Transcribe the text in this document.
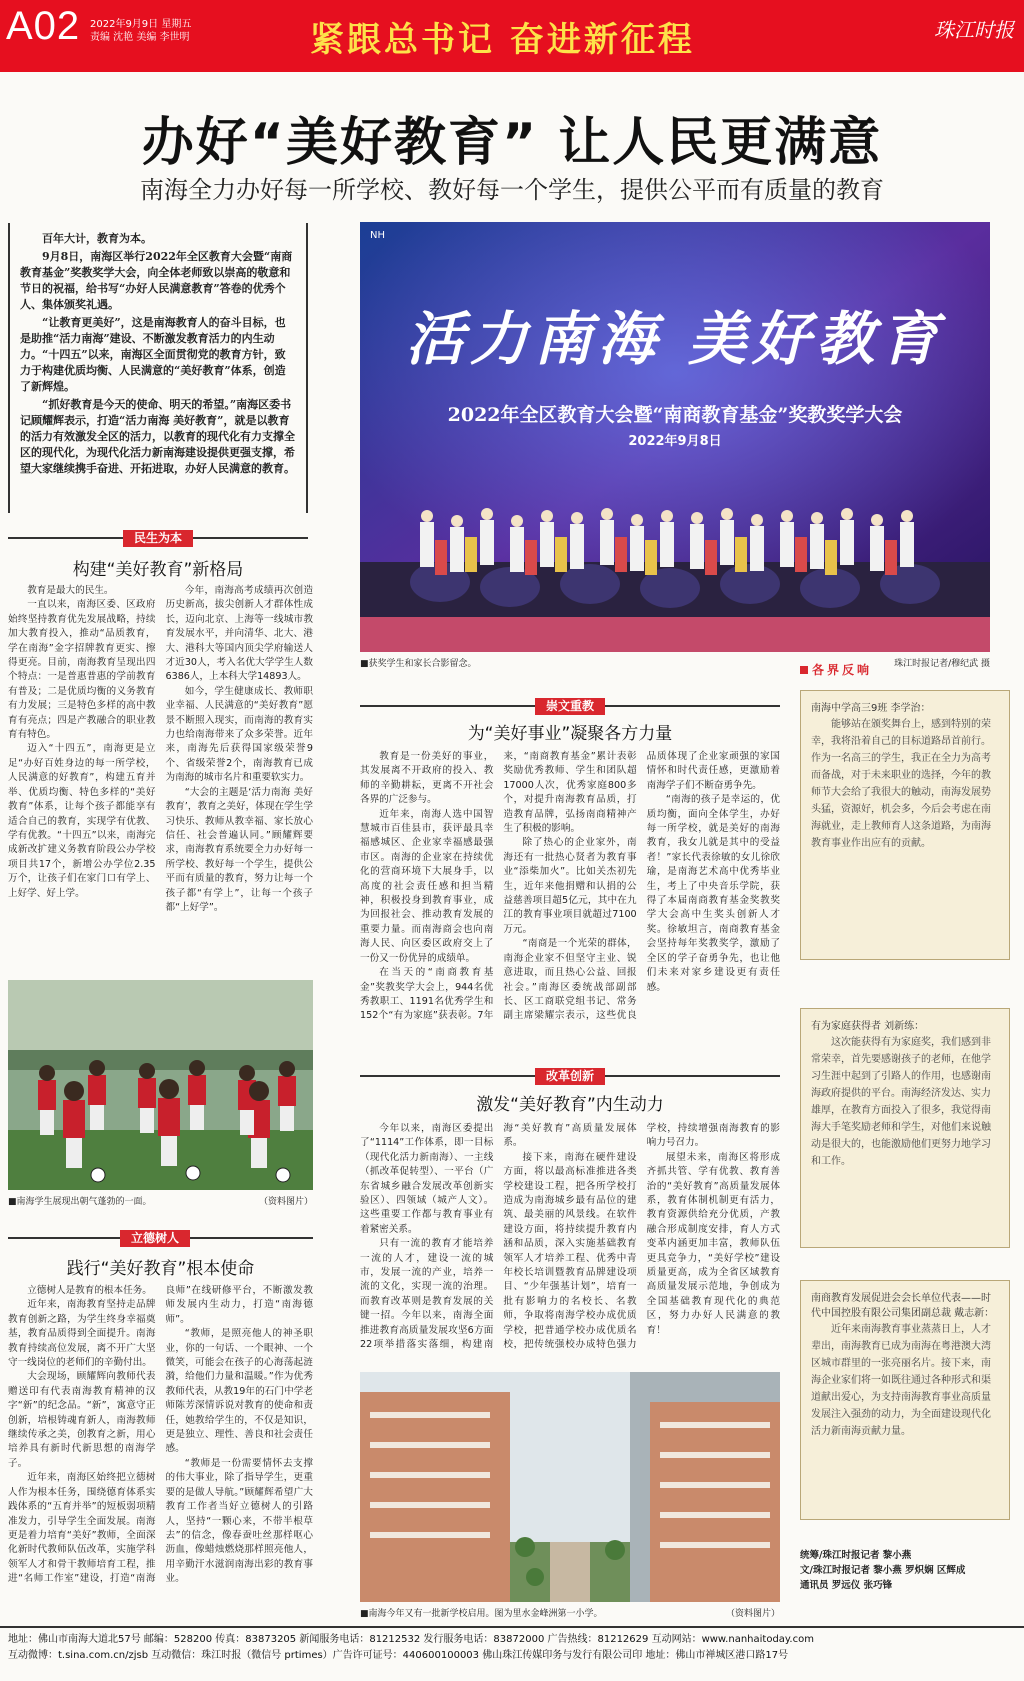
A02 2022年9月9日 星期五
责编 沈艳 美编 李世明	紧跟总书记 奋进新征程	珠江时报
办好“美好教育” 让人民更满意
南海全力办好每一所学校、教好每一个学生，提供公平而有质量的教育

百年大计，教育为本。

9月8日，南海区举行2022年全区教育大会暨“南商教育基金”奖教奖学大会，向全体老师致以崇高的敬意和节日的祝福，给书写“办好人民满意教育”答卷的优秀个人、集体颁奖礼遇。

“让教育更美好”，这是南海教育人的奋斗目标，也是助推“活力南海”建设、不断激发教育活力的内生动力。“十四五”以来，南海区全面贯彻党的教育方针，致力于构建优质均衡、人民满意的“美好教育”体系，创造了新辉煌。

“抓好教育是今天的使命、明天的希望。”南海区委书记顾耀辉表示，打造“活力南海 美好教育”，就是以教育的活力有效激发全区的活力，以教育的现代化有力支撑全区的现代化，为现代化活力新南海建设提供更强支撑，希望大家继续携手奋进、开拓进取，办好人民满意的教育。

活力南海 美好教育
2022年全区教育大会暨“南商教育基金”奖教奖学大会
2022年9月8日
NH
■获奖学生和家长合影留念。	珠江时报记者/穆纪武 摄
民生为本
构建“美好教育”新格局

教育是最大的民生。

一直以来，南海区委、区政府始终坚持教育优先发展战略，持续加大教育投入，推动“品质教育，学在南海”金字招牌教育更实、擦得更亮。目前，南海教育呈现出四个特点：一是普惠普惠的学前教育有普及；二是优质均衡的义务教育有力发展；三是特色多样的高中教育有亮点；四是产教融合的职业教育有特色。

迈入“十四五”，南海更是立足“办好百姓身边的每一所学校，人民满意的好教育”，构建五育并举、优质均衡、特色多样的“美好教育”体系，让每个孩子都能享有适合自己的教育，实现学有优教、学有优教。“十四五”以来，南海完成新改扩建义务教育阶段公办学校项目共17个，新增公办学位2.35万个，让孩子们在家门口有学上、上好学、好上学。

今年，南海高考成绩再次创造历史新高，拔尖创新人才群体性成长，迈向北京、上海等一线城市教育发展水平，并向清华、北大、港大、港科大等国内顶尖学府输送人才近30人，考入名优大学学生人数6386人，上本科大学14893人。

如今，学生健康成长、教师职业幸福、人民满意的“美好教育”愿景不断照入现实，而南海的教育实力也给南海带来了众多荣誉。近年来，南海先后获得国家级荣誉9个、省级荣誉2个，南海教育已成为南海的城市名片和重要软实力。

“大会的主题是‘活力南海 美好教育’，教育之美好，体现在学生学习快乐、教师从教幸福、家长放心信任、社会普遍认同。”顾耀辉要求，南海教育系统要全力办好每一所学校、教好每一个学生，提供公平而有质量的教育，努力让每一个孩子都“有学上”，让每一个孩子都“上好学”。

■南海学生展现出朝气蓬勃的一面。	（资料图片）
立德树人
践行“美好教育”根本使命

立德树人是教育的根本任务。

近年来，南海教育坚持走品牌教育创新之路，为学生终身幸福奠基，教育品质得到全面提升。南海教育持续高位发展，离不开广大坚守一线岗位的老师们的辛勤付出。

大会现场，顾耀辉向教师代表赠送印有代表南海教育精神的汉字“新”的纪念品。“新”，寓意守正创新，培根铸魂育新人，南海教师继续传承之美，创教育之新，用心培养具有新时代新思想的南海学子。

近年来，南海区始终把立德树人作为根本任务，围绕德育体系实践体系的“五育并举”的短板弱项精准发力，引导学生全面发展。南海更是着力培育“美好”教师，全面深化新时代教师队伍改革，实施学科领军人才和骨干教师培育工程，推进“名师工作室”建设，打造“南海良师”在线研修平台，不断激发教师发展内生动力，打造“南海德师”。

“教师，是照亮他人的神圣职业，你的一句话、一个眼神、一个微笑，可能会在孩子的心海荡起涟漪，给他们力量和温暖。”作为优秀教师代表，从教19年的石门中学老师陈芳深情诉说对教育的使命和责任，她教给学生的，不仅是知识，更是独立、理性、善良和社会责任感。

“教师是一份需要情怀去支撑的伟大事业，除了指导学生，更重要的是做人导航。”顾耀辉希望广大教育工作者当好立德树人的引路人，坚持“一颗心来，不带半根草去”的信念，像春蚕吐丝那样呕心沥血，像蜡烛燃烧那样照亮他人，用辛勤汗水滋润南海出彩的教育事业。

崇文重教
为“美好事业”凝聚各方力量

教育是一份美好的事业，其发展离不开政府的投入、教师的辛勤耕耘，更离不开社会各界的广泛参与。

近年来，南海人选中国智慧城市百佳县市，获评最具幸福感城区、企业家幸福感最强市区。南海的企业家在持续优化的营商环境下大展身手，以高度的社会责任感和担当精神，积极投身到教育事业，成为回报社会、推动教育发展的重要力量。而南海商会也向南海人民、向区委区政府交上了一份又一份优异的成绩单。

在当天的“南商教育基金”奖教奖学大会上，944名优秀教职工、1191名优秀学生和152个“有为家庭”获表彰。7年来，“南商教育基金”累计表彰奖励优秀教师、学生和团队超17000人次，优秀家庭800多个，对提升南海教育品质，打造教育品牌，弘扬南商精神产生了积极的影响。

除了热心的企业家外，南海还有一批热心贤者为教育事业“添柴加火”。比如关杰初先生，近年来他捐赠和认捐的公益慈善项目超5亿元，其中在九江的教育事业项目就超过7100万元。

“南商是一个光荣的群体，南海企业家不但坚守主业、锐意进取，而且热心公益、回报社会。”南海区委统战部副部长、区工商联党组书记、常务副主席梁耀宗表示，这些优良品质体现了企业家顽强的家国情怀和时代责任感，更激励着南海学子们不断奋勇争先。

“南海的孩子是幸运的，优质均衡，面向全体学生，办好每一所学校，就是美好的南海教育，我女儿就是其中的受益者！”家长代表徐敏的女儿徐欣瑜，是南海艺术高中优秀毕业生，考上了中央音乐学院，获得了本届南商教育基金奖教奖学大会高中生奖头创新人才奖。徐敏坦言，南商教育基金会坚持每年奖教奖学，激励了全区的学子奋勇争先，也让他们未来对家乡建设更有责任感。

改革创新
激发“美好教育”内生动力

今年以来，南海区委提出了“1114”工作体系，即一目标（现代化活力新南海）、一主线（抓改革促转型）、一平台（广东省城乡融合发展改革创新实验区）、四领域（城产人文）。这些重要工作都与教育事业有着紧密关系。

只有一流的教育才能培养一流的人才，建设一流的城市，发展一流的产业，培养一流的文化，实现一流的治理。而教育改革则是教育发展的关键一招。今年以来，南海全面推进教育高质量发展攻坚6方面22项举措落实落细，构建南海“美好教育”高质量发展体系。

接下来，南海在硬件建设方面，将以最高标准推进各类学校建设工程，把各所学校打造成为南海城乡最有品位的建筑、最美丽的风景线。在软件建设方面，将持续提升教育内涵和品质，深入实施基础教育领军人才培养工程、优秀中青年校长培训暨教育品牌建设项目、“少年强基计划”，培育一批有影响力的名校长、名教师，争取将南海学校办成优质学校，把普通学校办成优质名校，把传统强校办成特色强力学校，持续增强南海教育的影响力号召力。

展望未来，南海区将形成齐抓共管、学有优教、教育善治的“美好教育”高质量发展体系，教育体制机制更有活力，教育资源供给充分优质，产教融合形成制度安排，育人方式变革内涵更加丰富，教师队伍更具竞争力，“美好学校”建设质量更高，成为全省区域教育高质量发展示范地，争创成为全国基础教育现代化的典范区，努力办好人民满意的教育！

■南海今年又有一批新学校启用。图为里水金峰洲第一小学。	（资料图片）
各界反响
南海中学高三9班 李学治：
能够站在颁奖舞台上，感到特别的荣幸，我将沿着自己的目标道路昂首前行。作为一名高三的学生，我正在全力为高考而备战，对于未来职业的选择，今年的教师节大会给了我很大的触动，南海发展势头猛，资源好，机会多，今后会考虑在南海就业，走上教师育人这条道路，为南海教育事业作出应有的贡献。
有为家庭获得者 刘新练：
这次能获得有为家庭奖，我们感到非常荣幸，首先要感谢孩子的老师，在他学习生涯中起到了引路人的作用，也感谢南海政府提供的平台。南海经济发达、实力雄厚，在教育方面投入了很多，我觉得南海大手笔奖励老师和学生，对他们来说触动是很大的，也能激励他们更努力地学习和工作。
南商教育发展促进会会长单位代表——时代中国控股有限公司集团副总裁 戴志新：
近年来南海教育事业蒸蒸日上，人才辈出，南海教育已成为南海在粤港澳大湾区城市群里的一张亮丽名片。接下来，南海企业家们将一如既往通过各种形式和渠道献出爱心，为支持南海教育事业高质量发展注入强劲的动力，为全面建设现代化活力新南海贡献力量。
统筹/珠江时报记者 黎小燕
文/珠江时报记者 黎小燕 罗炽娴 区辉成
通讯员 罗远仪 张巧锋
地址：佛山市南海大道北57号 邮编：528200 传真：83873205 新闻服务电话：81212532 发行服务电话：83872000 广告热线：81212629 互动网站：www.nanhaitoday.com
互动微博：t.sina.com.cn/zjsb 互动微信：珠江时报（微信号 prtimes）广告许可证号：440600100003 佛山珠江传媒印务与发行有限公司印 地址：佛山市禅城区港口路17号
